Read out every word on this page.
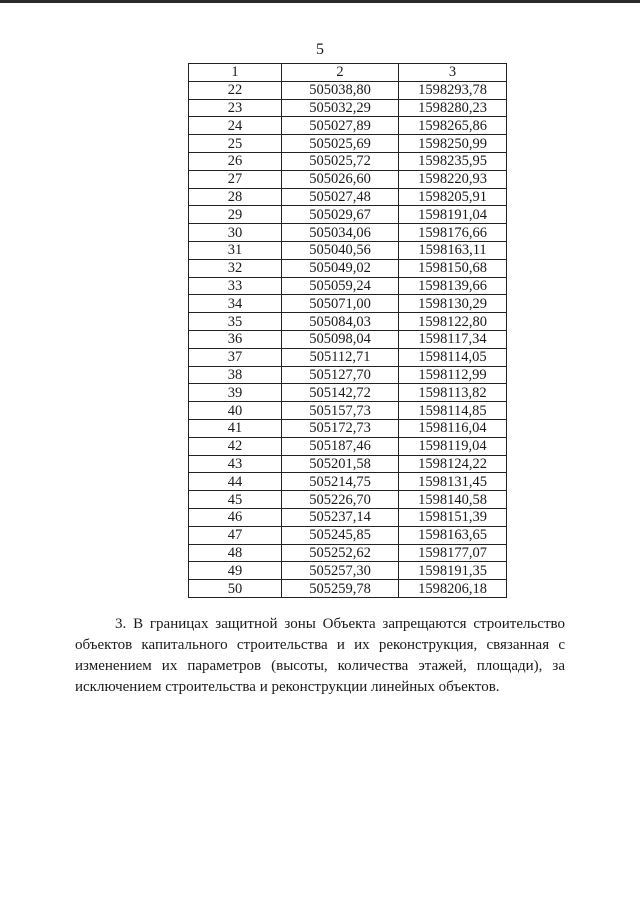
5
1	2	3
22	505038,80	1598293,78
23	505032,29	1598280,23
24	505027,89	1598265,86
25	505025,69	1598250,99
26	505025,72	1598235,95
27	505026,60	1598220,93
28	505027,48	1598205,91
29	505029,67	1598191,04
30	505034,06	1598176,66
31	505040,56	1598163,11
32	505049,02	1598150,68
33	505059,24	1598139,66
34	505071,00	1598130,29
35	505084,03	1598122,80
36	505098,04	1598117,34
37	505112,71	1598114,05
38	505127,70	1598112,99
39	505142,72	1598113,82
40	505157,73	1598114,85
41	505172,73	1598116,04
42	505187,46	1598119,04
43	505201,58	1598124,22
44	505214,75	1598131,45
45	505226,70	1598140,58
46	505237,14	1598151,39
47	505245,85	1598163,65
48	505252,62	1598177,07
49	505257,30	1598191,35
50	505259,78	1598206,18
3. В границах защитной зоны Объекта запрещаются строительство объектов капитального строительства и их реконструкция, связанная с изменением их параметров (высоты, количества этажей, площади), за исключением строительства и реконструкции линейных объектов.
